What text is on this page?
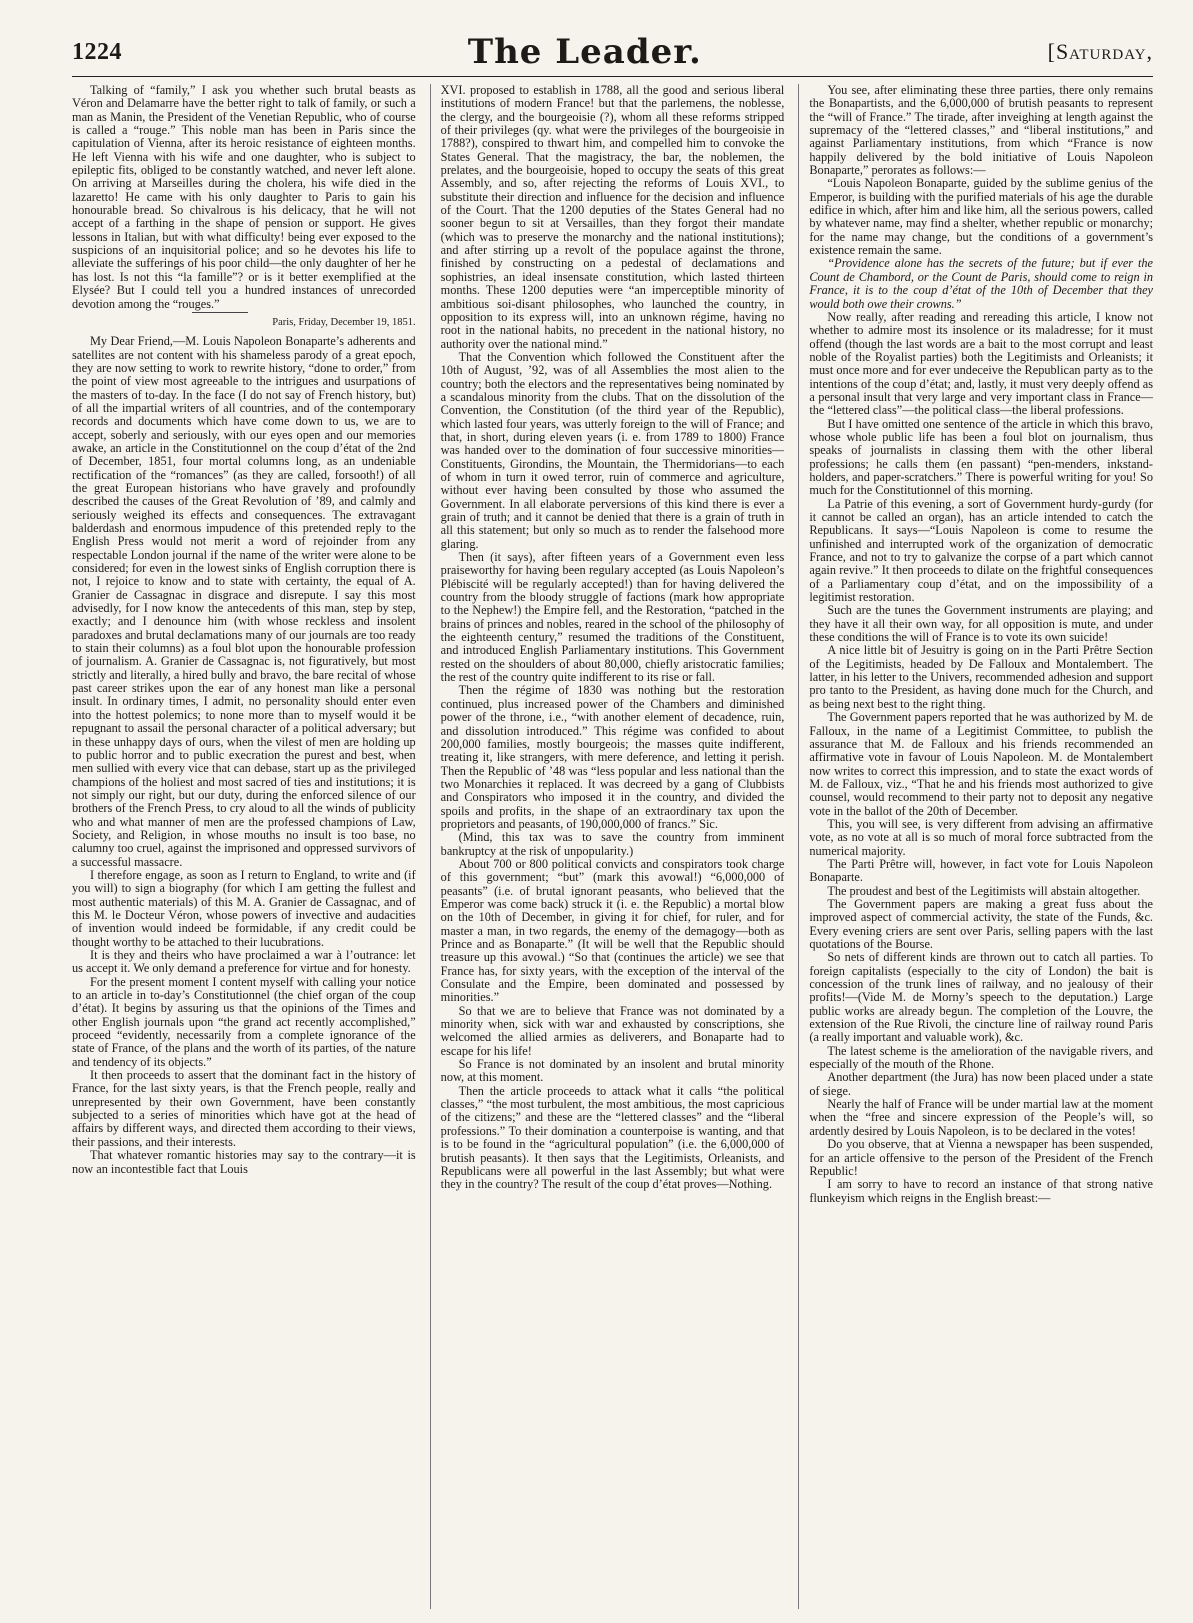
1224	The Leader.	[Saturday,

Talking of “family,” I ask you whether such brutal beasts as Véron and Delamarre have the better right to talk of family, or such a man as Manin, the President of the Venetian Republic, who of course is called a “rouge.” This noble man has been in Paris since the capitulation of Vienna, after its heroic resistance of eighteen months. He left Vienna with his wife and one daughter, who is subject to epileptic fits, obliged to be constantly watched, and never left alone. On arriving at Marseilles during the cholera, his wife died in the lazaretto! He came with his only daughter to Paris to gain his honourable bread. So chivalrous is his delicacy, that he will not accept of a farthing in the shape of pension or support. He gives lessons in Italian, but with what difficulty! being ever exposed to the suspicions of an inquisitorial police; and so he devotes his life to alleviate the sufferings of his poor child—the only daughter of her he has lost. Is not this “la famille”? or is it better exemplified at the Elysée? But I could tell you a hundred instances of unrecorded devotion among the “rouges.”

Paris, Friday, December 19, 1851.

My Dear Friend,—M. Louis Napoleon Bonaparte’s adherents and satellites are not content with his shameless parody of a great epoch, they are now setting to work to rewrite history, “done to order,” from the point of view most agreeable to the intrigues and usurpations of the masters of to-day. In the face (I do not say of French history, but) of all the impartial writers of all countries, and of the contemporary records and documents which have come down to us, we are to accept, soberly and seriously, with our eyes open and our memories awake, an article in the Constitutionnel on the coup d’état of the 2nd of December, 1851, four mortal columns long, as an undeniable rectification of the “romances” (as they are called, forsooth!) of all the great European historians who have gravely and profoundly described the causes of the Great Revolution of ’89, and calmly and seriously weighed its effects and consequences. The extravagant balderdash and enormous impudence of this pretended reply to the English Press would not merit a word of rejoinder from any respectable London journal if the name of the writer were alone to be considered; for even in the lowest sinks of English corruption there is not, I rejoice to know and to state with certainty, the equal of A. Granier de Cassagnac in disgrace and disrepute. I say this most advisedly, for I now know the antecedents of this man, step by step, exactly; and I denounce him (with whose reckless and insolent paradoxes and brutal declamations many of our journals are too ready to stain their columns) as a foul blot upon the honourable profession of journalism. A. Granier de Cassagnac is, not figuratively, but most strictly and literally, a hired bully and bravo, the bare recital of whose past career strikes upon the ear of any honest man like a personal insult. In ordinary times, I admit, no personality should enter even into the hottest polemics; to none more than to myself would it be repugnant to assail the personal character of a political adversary; but in these unhappy days of ours, when the vilest of men are holding up to public horror and to public execration the purest and best, when men sullied with every vice that can debase, start up as the privileged champions of the holiest and most sacred of ties and institutions; it is not simply our right, but our duty, during the enforced silence of our brothers of the French Press, to cry aloud to all the winds of publicity who and what manner of men are the professed champions of Law, Society, and Religion, in whose mouths no insult is too base, no calumny too cruel, against the imprisoned and oppressed survivors of a successful massacre.

I therefore engage, as soon as I return to England, to write and (if you will) to sign a biography (for which I am getting the fullest and most authentic materials) of this M. A. Granier de Cassagnac, and of this M. le Docteur Véron, whose powers of invective and audacities of invention would indeed be formidable, if any credit could be thought worthy to be attached to their lucubrations.

It is they and theirs who have proclaimed a war à l’outrance: let us accept it. We only demand a preference for virtue and for honesty.

For the present moment I content myself with calling your notice to an article in to-day’s Constitutionnel (the chief organ of the coup d’état). It begins by assuring us that the opinions of the Times and other English journals upon “the grand act recently accomplished,” proceed “evidently, necessarily from a complete ignorance of the state of France, of the plans and the worth of its parties, of the nature and tendency of its objects.”

It then proceeds to assert that the dominant fact in the history of France, for the last sixty years, is that the French people, really and unrepresented by their own Government, have been constantly subjected to a series of minorities which have got at the head of affairs by different ways, and directed them according to their views, their passions, and their interests.

That whatever romantic histories may say to the contrary—it is now an incontestible fact that Louis

XVI. proposed to establish in 1788, all the good and serious liberal institutions of modern France! but that the parlemens, the noblesse, the clergy, and the bourgeoisie (?), whom all these reforms stripped of their privileges (qy. what were the privileges of the bourgeoisie in 1788?), conspired to thwart him, and compelled him to convoke the States General. That the magistracy, the bar, the noblemen, the prelates, and the bourgeoisie, hoped to occupy the seats of this great Assembly, and so, after rejecting the reforms of Louis XVI., to substitute their direction and influence for the decision and influence of the Court. That the 1200 deputies of the States General had no sooner begun to sit at Versailles, than they forgot their mandate (which was to preserve the monarchy and the national institutions); and after stirring up a revolt of the populace against the throne, finished by constructing on a pedestal of declamations and sophistries, an ideal insensate constitution, which lasted thirteen months. These 1200 deputies were “an imperceptible minority of ambitious soi-disant philosophes, who launched the country, in opposition to its express will, into an unknown régime, having no root in the national habits, no precedent in the national history, no authority over the national mind.”

That the Convention which followed the Constituent after the 10th of August, ’92, was of all Assemblies the most alien to the country; both the electors and the representatives being nominated by a scandalous minority from the clubs. That on the dissolution of the Convention, the Constitution (of the third year of the Republic), which lasted four years, was utterly foreign to the will of France; and that, in short, during eleven years (i. e. from 1789 to 1800) France was handed over to the domination of four successive minorities—Constituents, Girondins, the Mountain, the Thermidorians—to each of whom in turn it owed terror, ruin of commerce and agriculture, without ever having been consulted by those who assumed the Government. In all elaborate perversions of this kind there is ever a grain of truth; and it cannot be denied that there is a grain of truth in all this statement; but only so much as to render the falsehood more glaring.

Then (it says), after fifteen years of a Government even less praiseworthy for having been regulary accepted (as Louis Napoleon’s Plébiscité will be regularly accepted!) than for having delivered the country from the bloody struggle of factions (mark how appropriate to the Nephew!) the Empire fell, and the Restoration, “patched in the brains of princes and nobles, reared in the school of the philosophy of the eighteenth century,” resumed the traditions of the Constituent, and introduced English Parliamentary institutions. This Government rested on the shoulders of about 80,000, chiefly aristocratic families; the rest of the country quite indifferent to its rise or fall.

Then the régime of 1830 was nothing but the restoration continued, plus increased power of the Chambers and diminished power of the throne, i.e., “with another element of decadence, ruin, and dissolution introduced.” This régime was confided to about 200,000 families, mostly bourgeois; the masses quite indifferent, treating it, like strangers, with mere deference, and letting it perish. Then the Republic of ’48 was “less popular and less national than the two Monarchies it replaced. It was decreed by a gang of Clubbists and Conspirators who imposed it in the country, and divided the spoils and profits, in the shape of an extraordinary tax upon the proprietors and peasants, of 190,000,000 of francs.” Sic.

(Mind, this tax was to save the country from imminent bankruptcy at the risk of unpopularity.)

About 700 or 800 political convicts and conspirators took charge of this government; “but” (mark this avowal!) “6,000,000 of peasants” (i.e. of brutal ignorant peasants, who believed that the Emperor was come back) struck it (i. e. the Republic) a mortal blow on the 10th of December, in giving it for chief, for ruler, and for master a man, in two regards, the enemy of the demagogy—both as Prince and as Bonaparte.” (It will be well that the Republic should treasure up this avowal.) “So that (continues the article) we see that France has, for sixty years, with the exception of the interval of the Consulate and the Empire, been dominated and possessed by minorities.”

So that we are to believe that France was not dominated by a minority when, sick with war and exhausted by conscriptions, she welcomed the allied armies as deliverers, and Bonaparte had to escape for his life!

So France is not dominated by an insolent and brutal minority now, at this moment.

Then the article proceeds to attack what it calls “the political classes,” “the most turbulent, the most ambitious, the most capricious of the citizens;” and these are the “lettered classes” and the “liberal professions.” To their domination a counterpoise is wanting, and that is to be found in the “agricultural population” (i.e. the 6,000,000 of brutish peasants). It then says that the Legitimists, Orleanists, and Republicans were all powerful in the last Assembly; but what were they in the country? The result of the coup d’état proves—Nothing.

You see, after eliminating these three parties, there only remains the Bonapartists, and the 6,000,000 of brutish peasants to represent the “will of France.” The tirade, after inveighing at length against the supremacy of the “lettered classes,” and “liberal institutions,” and against Parliamentary institutions, from which “France is now happily delivered by the bold initiative of Louis Napoleon Bonaparte,” perorates as follows:—

“Louis Napoleon Bonaparte, guided by the sublime genius of the Emperor, is building with the purified materials of his age the durable edifice in which, after him and like him, all the serious powers, called by whatever name, may find a shelter, whether republic or monarchy; for the name may change, but the conditions of a government’s existence remain the same.

“Providence alone has the secrets of the future; but if ever the Count de Chambord, or the Count de Paris, should come to reign in France, it is to the coup d’état of the 10th of December that they would both owe their crowns.”

Now really, after reading and rereading this article, I know not whether to admire most its insolence or its maladresse; for it must offend (though the last words are a bait to the most corrupt and least noble of the Royalist parties) both the Legitimists and Orleanists; it must once more and for ever undeceive the Republican party as to the intentions of the coup d’état; and, lastly, it must very deeply offend as a personal insult that very large and very important class in France—the “lettered class”—the political class—the liberal professions.

But I have omitted one sentence of the article in which this bravo, whose whole public life has been a foul blot on journalism, thus speaks of journalists in classing them with the other liberal professions; he calls them (en passant) “pen-menders, inkstand-holders, and paper-scratchers.” There is powerful writing for you! So much for the Constitutionnel of this morning.

La Patrie of this evening, a sort of Government hurdy-gurdy (for it cannot be called an organ), has an article intended to catch the Republicans. It says—“Louis Napoleon is come to resume the unfinished and interrupted work of the organization of democratic France, and not to try to galvanize the corpse of a part which cannot again revive.” It then proceeds to dilate on the frightful consequences of a Parliamentary coup d’état, and on the impossibility of a legitimist restoration.

Such are the tunes the Government instruments are playing; and they have it all their own way, for all opposition is mute, and under these conditions the will of France is to vote its own suicide!

A nice little bit of Jesuitry is going on in the Parti Prêtre Section of the Legitimists, headed by De Falloux and Montalembert. The latter, in his letter to the Univers, recommended adhesion and support pro tanto to the President, as having done much for the Church, and as being next best to the right thing.

The Government papers reported that he was authorized by M. de Falloux, in the name of a Legitimist Committee, to publish the assurance that M. de Falloux and his friends recommended an affirmative vote in favour of Louis Napoleon. M. de Montalembert now writes to correct this impression, and to state the exact words of M. de Falloux, viz., “That he and his friends most authorized to give counsel, would recommend to their party not to deposit any negative vote in the ballot of the 20th of December.

This, you will see, is very different from advising an affirmative vote, as no vote at all is so much of moral force subtracted from the numerical majority.

The Parti Prêtre will, however, in fact vote for Louis Napoleon Bonaparte.

The proudest and best of the Legitimists will abstain altogether.

The Government papers are making a great fuss about the improved aspect of commercial activity, the state of the Funds, &c. Every evening criers are sent over Paris, selling papers with the last quotations of the Bourse.

So nets of different kinds are thrown out to catch all parties. To foreign capitalists (especially to the city of London) the bait is concession of the trunk lines of railway, and no jealousy of their profits!—(Vide M. de Morny’s speech to the deputation.) Large public works are already begun. The completion of the Louvre, the extension of the Rue Rivoli, the cincture line of railway round Paris (a really important and valuable work), &c.

The latest scheme is the amelioration of the navigable rivers, and especially of the mouth of the Rhone.

Another department (the Jura) has now been placed under a state of siege.

Nearly the half of France will be under martial law at the moment when the “free and sincere expression of the People’s will, so ardently desired by Louis Napoleon, is to be declared in the votes!

Do you observe, that at Vienna a newspaper has been suspended, for an article offensive to the person of the President of the French Republic!

I am sorry to have to record an instance of that strong native flunkeyism which reigns in the English breast:—
